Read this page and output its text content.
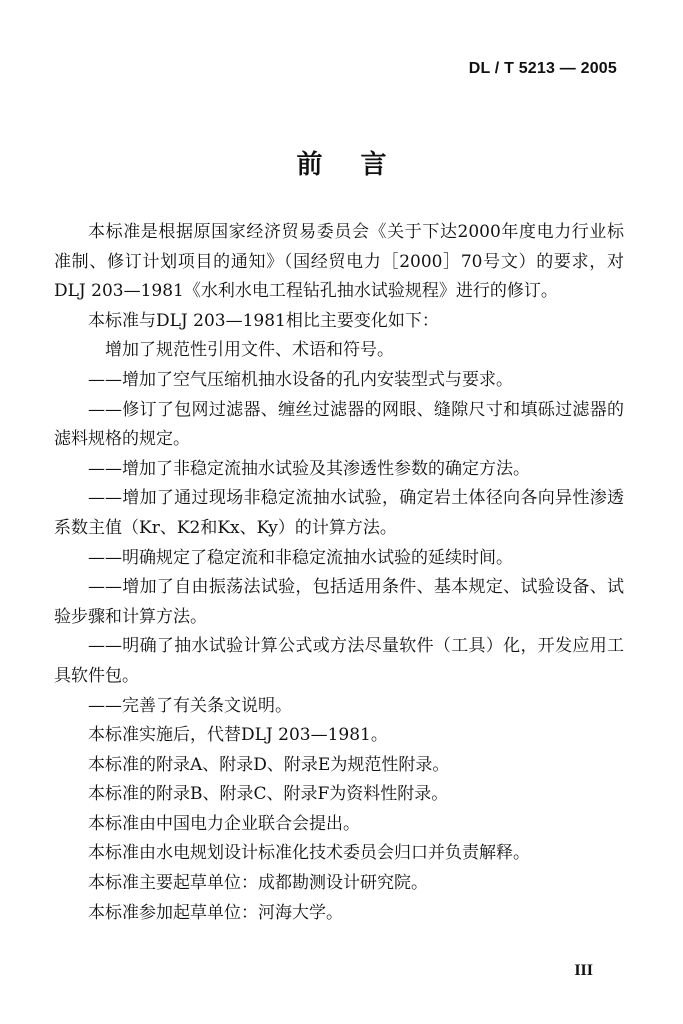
DL / T 5213 — 2005
前言

本标准是根据原国家经济贸易委员会《关于下达2000年度电力行业标准制、修订计划项目的通知》（国经贸电力［2000］70号文）的要求，对DLJ 203—1981《水利水电工程钻孔抽水试验规程》进行的修订。

本标准与DLJ 203—1981相比主要变化如下：

增加了规范性引用文件、术语和符号。

——增加了空气压缩机抽水设备的孔内安装型式与要求。

——修订了包网过滤器、缠丝过滤器的网眼、缝隙尺寸和填砾过滤器的滤料规格的规定。

——增加了非稳定流抽水试验及其渗透性参数的确定方法。

——增加了通过现场非稳定流抽水试验，确定岩土体径向各向异性渗透系数主值（Kr、K2和Kx、Ky）的计算方法。

——明确规定了稳定流和非稳定流抽水试验的延续时间。

——增加了自由振荡法试验，包括适用条件、基本规定、试验设备、试验步骤和计算方法。

——明确了抽水试验计算公式或方法尽量软件（工具）化，开发应用工具软件包。

——完善了有关条文说明。

本标准实施后，代替DLJ 203—1981。

本标准的附录A、附录D、附录E为规范性附录。

本标准的附录B、附录C、附录F为资料性附录。

本标准由中国电力企业联合会提出。

本标准由水电规划设计标准化技术委员会归口并负责解释。

本标准主要起草单位：成都勘测设计研究院。

本标准参加起草单位：河海大学。

III
